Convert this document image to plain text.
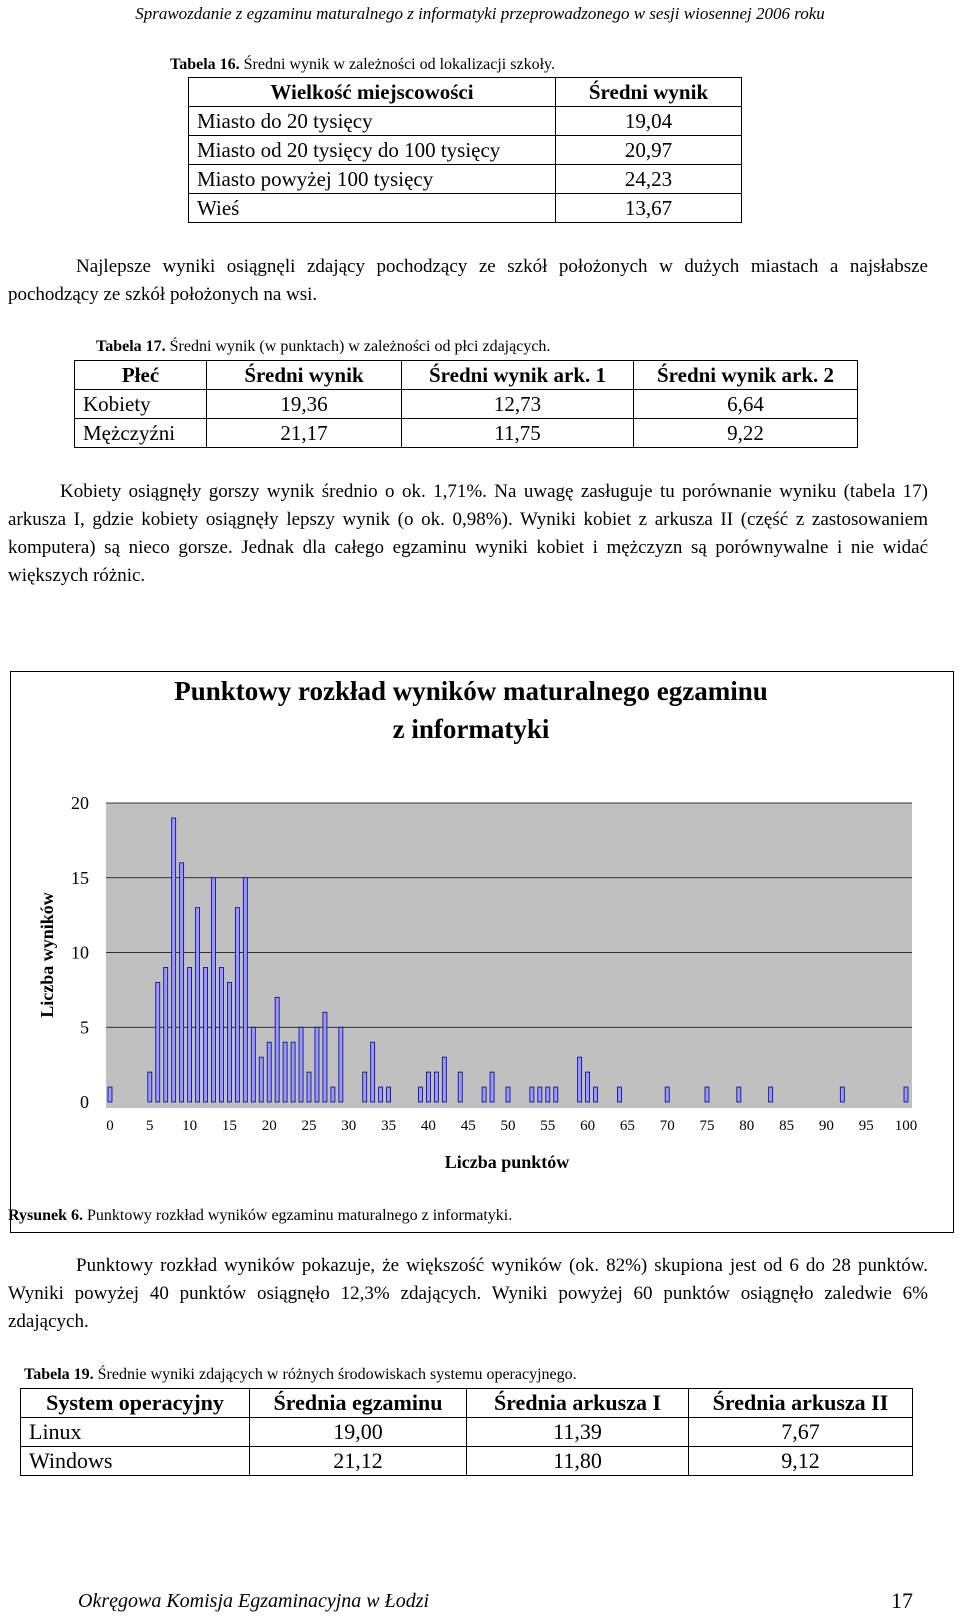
Sprawozdanie z egzaminu maturalnego z informatyki przeprowadzonego w sesji wiosennej 2006 roku
Tabela 16. Średni wynik w zależności od lokalizacji szkoły.
Wielkość miejscowości	Średni wynik
Miasto do 20 tysięcy	19,04
Miasto od 20 tysięcy do 100 tysięcy	20,97
Miasto powyżej 100 tysięcy	24,23
Wieś	13,67

Najlepsze wyniki osiągnęli zdający pochodzący ze szkół położonych w dużych miastach a najsłabsze pochodzący ze szkół położonych na wsi.

Tabela 17. Średni wynik (w punktach) w zależności od płci zdających.
Płeć	Średni wynik	Średni wynik ark. 1	Średni wynik ark. 2
Kobiety	19,36	12,73	6,64
Mężczyźni	21,17	11,75	9,22

Kobiety osiągnęły gorszy wynik średnio o ok. 1,71%. Na uwagę zasługuje tu porównanie wyniku (tabela 17) arkusza I, gdzie kobiety osiągnęły lepszy wynik (o ok. 0,98%). Wyniki kobiet z arkusza II (część z zastosowaniem komputera) są nieco gorsze. Jednak dla całego egzaminu wyniki kobiet i mężczyzn są porównywalne i nie widać większych różnic.

Punktowy rozkład wyników maturalnego egzaminu
z informatyki
0
5
10
15
20
0 5 10 15 20 25 30 35 40 45 50 55 60 65 70 75 80 85 90 95 100
Liczba punktów
Liczba wyników
Rysunek 6. Punktowy rozkład wyników egzaminu maturalnego z informatyki.

Punktowy rozkład wyników pokazuje, że większość wyników (ok. 82%) skupiona jest od 6 do 28 punktów. Wyniki powyżej 40 punktów osiągnęło 12,3% zdających. Wyniki powyżej 60 punktów osiągnęło zaledwie 6% zdających.

Tabela 19. Średnie wyniki zdających w różnych środowiskach systemu operacyjnego.
System operacyjny	Średnia egzaminu	Średnia arkusza I	Średnia arkusza II
Linux	19,00	11,39	7,67
Windows	21,12	11,80	9,12
Okręgowa Komisja Egzaminacyjna w Łodzi	17
